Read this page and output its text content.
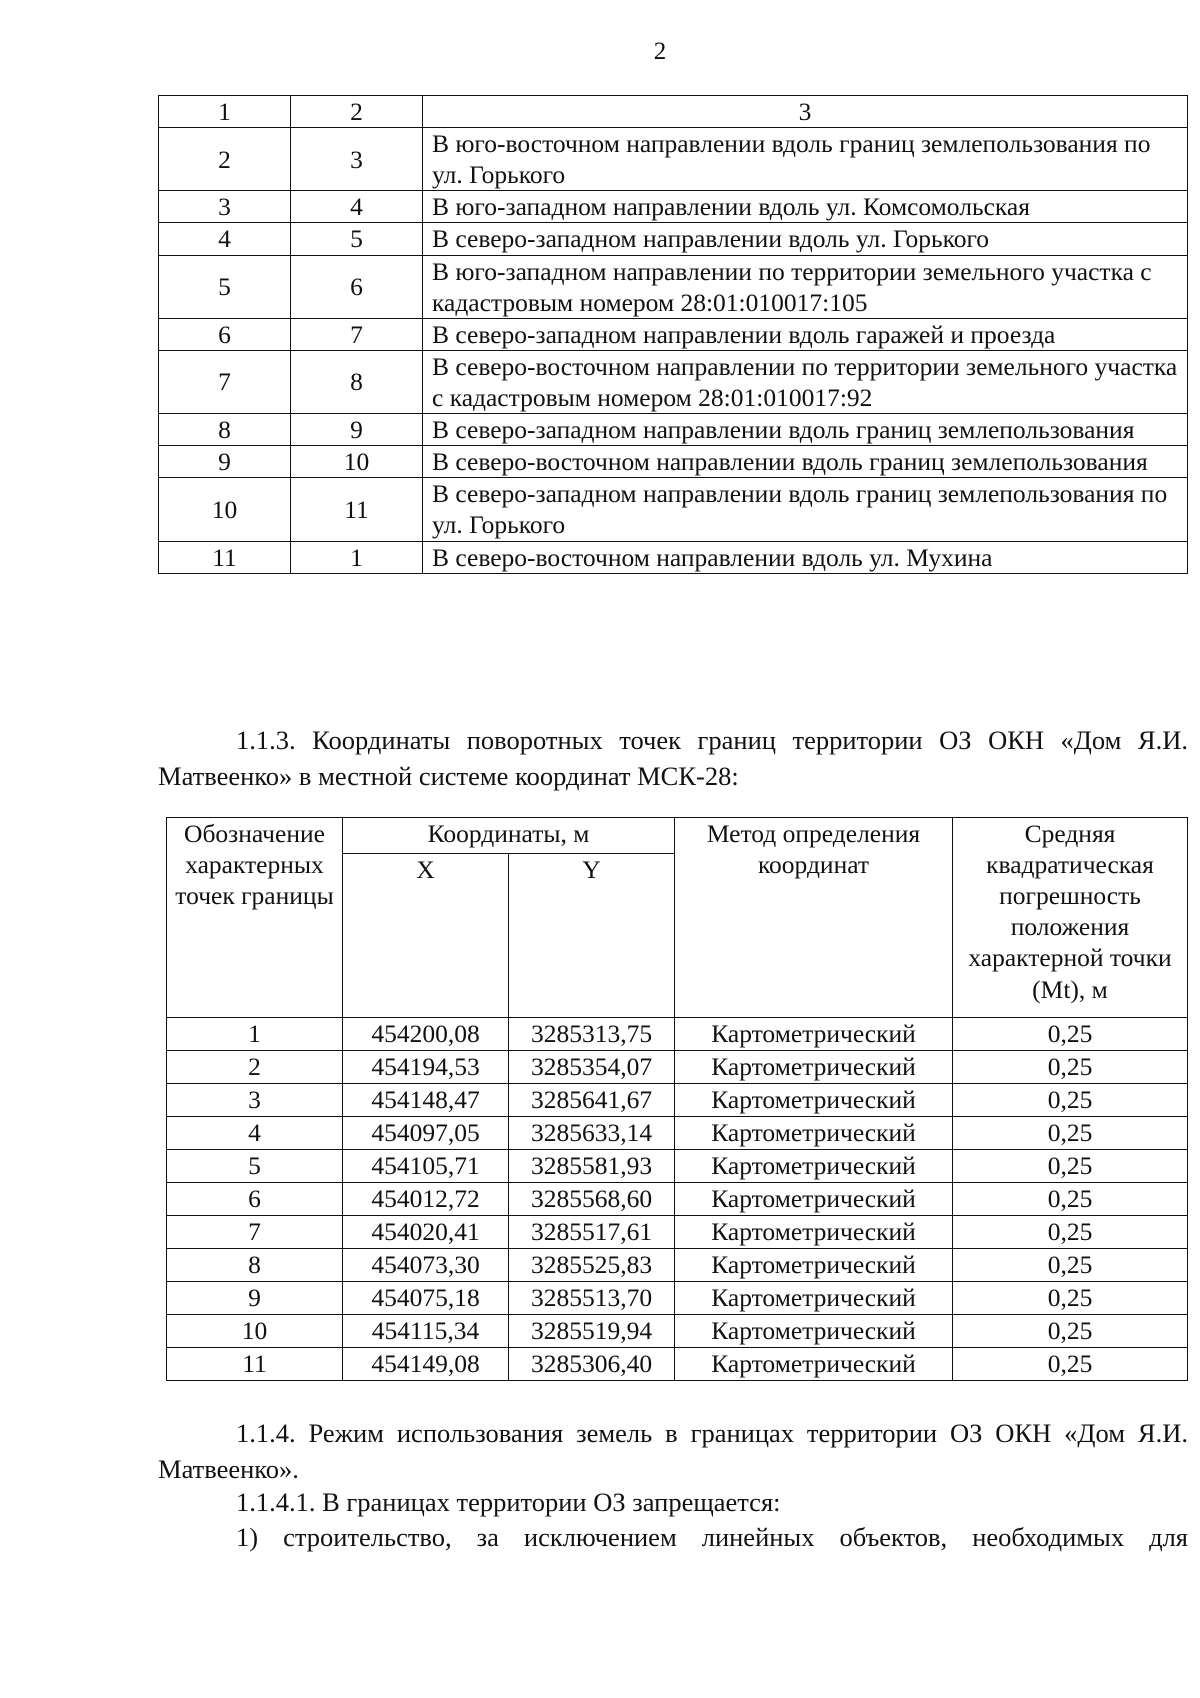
2
1	2	3
2	3	В юго-восточном направлении вдоль границ землепользования по ул. Горького
3	4	В юго-западном направлении вдоль ул. Комсомольская
4	5	В северо-западном направлении вдоль ул. Горького
5	6	В юго-западном направлении по территории земельного участка с кадастровым номером 28:01:010017:105
6	7	В северо-западном направлении вдоль гаражей и проезда
7	8	В северо-восточном направлении по территории земельного участка с кадастровым номером 28:01:010017:92
8	9	В северо-западном направлении вдоль границ землепользования
9	10	В северо-восточном направлении вдоль границ землепользования
10	11	В северо-западном направлении вдоль границ землепользования по ул. Горького
11	1	В северо-восточном направлении вдоль ул. Мухина
1.1.3. Координаты поворотных точек границ территории ОЗ ОКН «Дом Я.И. Матвеенко» в местной системе координат МСК-28:
Обозначение характерных точек границы	Координаты, м		Метод определения координат	Средняя квадратическая погрешность положения характерной точки (Mt), м
	X	Y		
1	454200,08	3285313,75	Картометрический	0,25
2	454194,53	3285354,07	Картометрический	0,25
3	454148,47	3285641,67	Картометрический	0,25
4	454097,05	3285633,14	Картометрический	0,25
5	454105,71	3285581,93	Картометрический	0,25
6	454012,72	3285568,60	Картометрический	0,25
7	454020,41	3285517,61	Картометрический	0,25
8	454073,30	3285525,83	Картометрический	0,25
9	454075,18	3285513,70	Картометрический	0,25
10	454115,34	3285519,94	Картометрический	0,25
11	454149,08	3285306,40	Картометрический	0,25
1.1.4. Режим использования земель в границах территории ОЗ ОКН «Дом Я.И. Матвеенко».
1.1.4.1. В границах территории ОЗ запрещается:
1) строительство, за исключением линейных объектов, необходимых для
